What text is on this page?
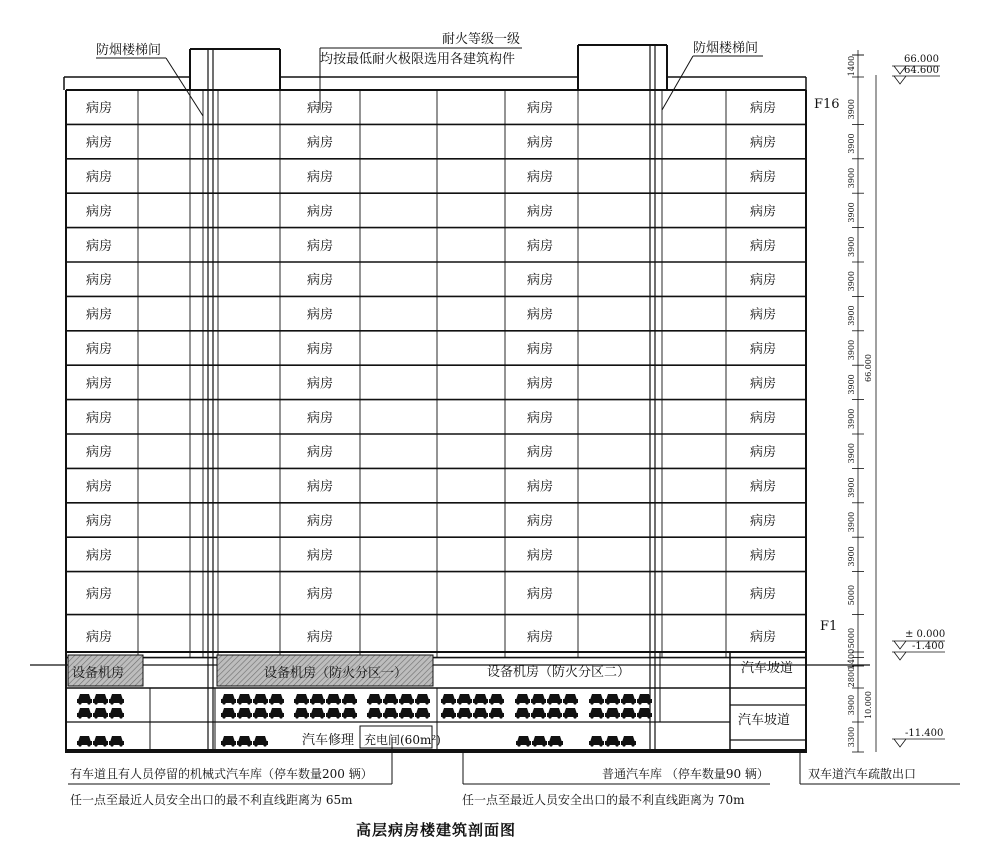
防烟楼梯间	防烟楼梯间
耐火等级一级
均按最低耐火极限选用各建筑构件
病房	病房	病房	病房
病房	病房	病房	病房
病房	病房	病房	病房
病房	病房	病房	病房
病房	病房	病房	病房
病房	病房	病房	病房
病房	病房	病房	病房
病房	病房	病房	病房
病房	病房	病房	病房
病房	病房	病房	病房
病房	病房	病房	病房
病房	病房	病房	病房
病房	病房	病房	病房
病房	病房	病房	病房
病房	病房	病房	病房
病房	病房	病房	病房
F16
F1
设备机房	设备机房（防火分区一）	设备机房（防火分区二）	汽车坡道
汽车坡道
汽车修理 充电间(60m²)
1400
3900
3900
3900
3900
3900
3900
3900
3900
3900
3900
3900
3900
3900
3900
5000
5000
66.000
1400
2800
3900
3300
10.000
66.000
64.600
± 0.000
-1.400
-11.400
有车道且有人员停留的机械式汽车库（停车数量200 辆）
任一点至最近人员安全出口的最不利直线距离为 65m
普通汽车库 （停车数量90 辆）
任一点至最近人员安全出口的最不利直线距离为 70m
双车道汽车疏散出口
高层病房楼建筑剖面图
